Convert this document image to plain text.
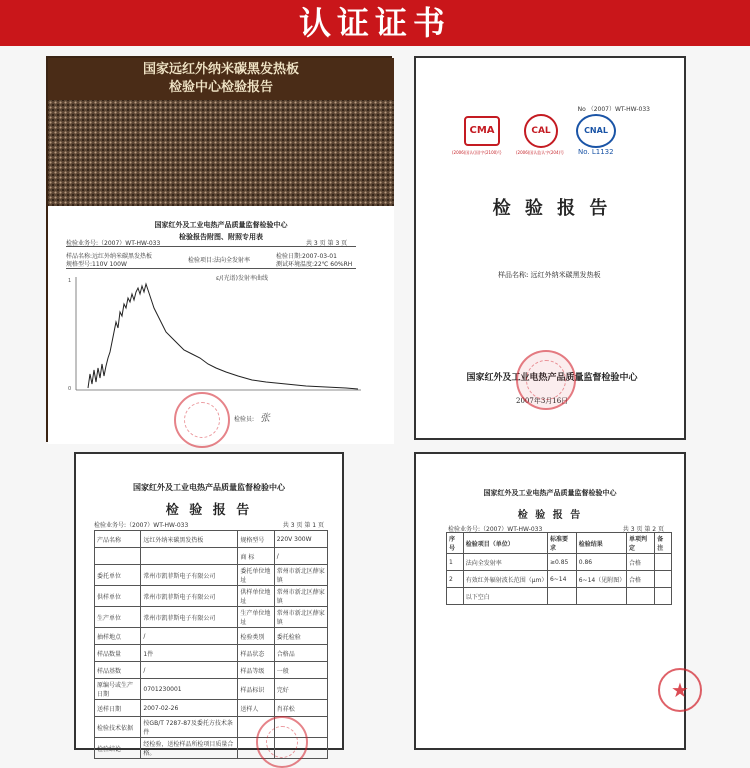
认证证书
国家远红外纳米碳黑发热板
检验中心检验报告
国家红外及工业电热产品质量监督检验中心
检验报告附图、附照专用表
检验业务号:（2007）WT-HW-033	共 3 页 第 3 页
样品名称:远红外纳米碳黑发热板
规格型号:110V 100W
检验项目:法向全发射率
检验日期:2007-03-01
测试环境温度:22℃ 60%RH
1
0
ε/(光谱)发射率曲线
检验员: 张
No （2007）WT-HW-033
CMA	CAL	CNAL
(2006)国认(国)字(2100)号	(2006)国认监认字(204)号 No. L1132
检 验 报 告
样品名称: 远红外纳米碳黑发热板
国家红外及工业电热产品质量监督检验中心
2007年3月16日
国家红外及工业电热产品质量监督检验中心
检 验 报 告
检验业务号:（2007）WT-HW-033	共 3 页 第 1 页
产品名称	远红外纳米碳黑发热板	规格型号	220V 300W
		商 标	/
委托单位	常州市凯菲斯电子有限公司	委托单位地址	常州市新北区薛家镇
供样单位	常州市凯菲斯电子有限公司	供样单位地址	常州市新北区薛家镇
生产单位	常州市凯菲斯电子有限公司	生产单位地址	常州市新北区薛家镇
抽样地点	/	检验类别	委托检验
样品数量	1件	样品状态	合格品
样品基数	/	样品等级	一般
原编号或生产日期	0701230001	样品标识	完好
送样日期	2007-02-26	送样人	肖祥松
检验技术依据	按GB/T 7287-87及委托方技术条件		
检验结论	经检验，送检样品所检项目质量合格。		
国家红外及工业电热产品质量监督检验中心
检 验 报 告
检验业务号:（2007）WT-HW-033	共 3 页 第 2 页
序号	检验项目（单位）	标准要求	检验结果	单项判定	备注
1	法向全发射率	≥0.85	0.86	合格	
2	有效红外辐射波长范围（μm）	6~14	6~14（见附图）	合格	
	以下空白				
★
